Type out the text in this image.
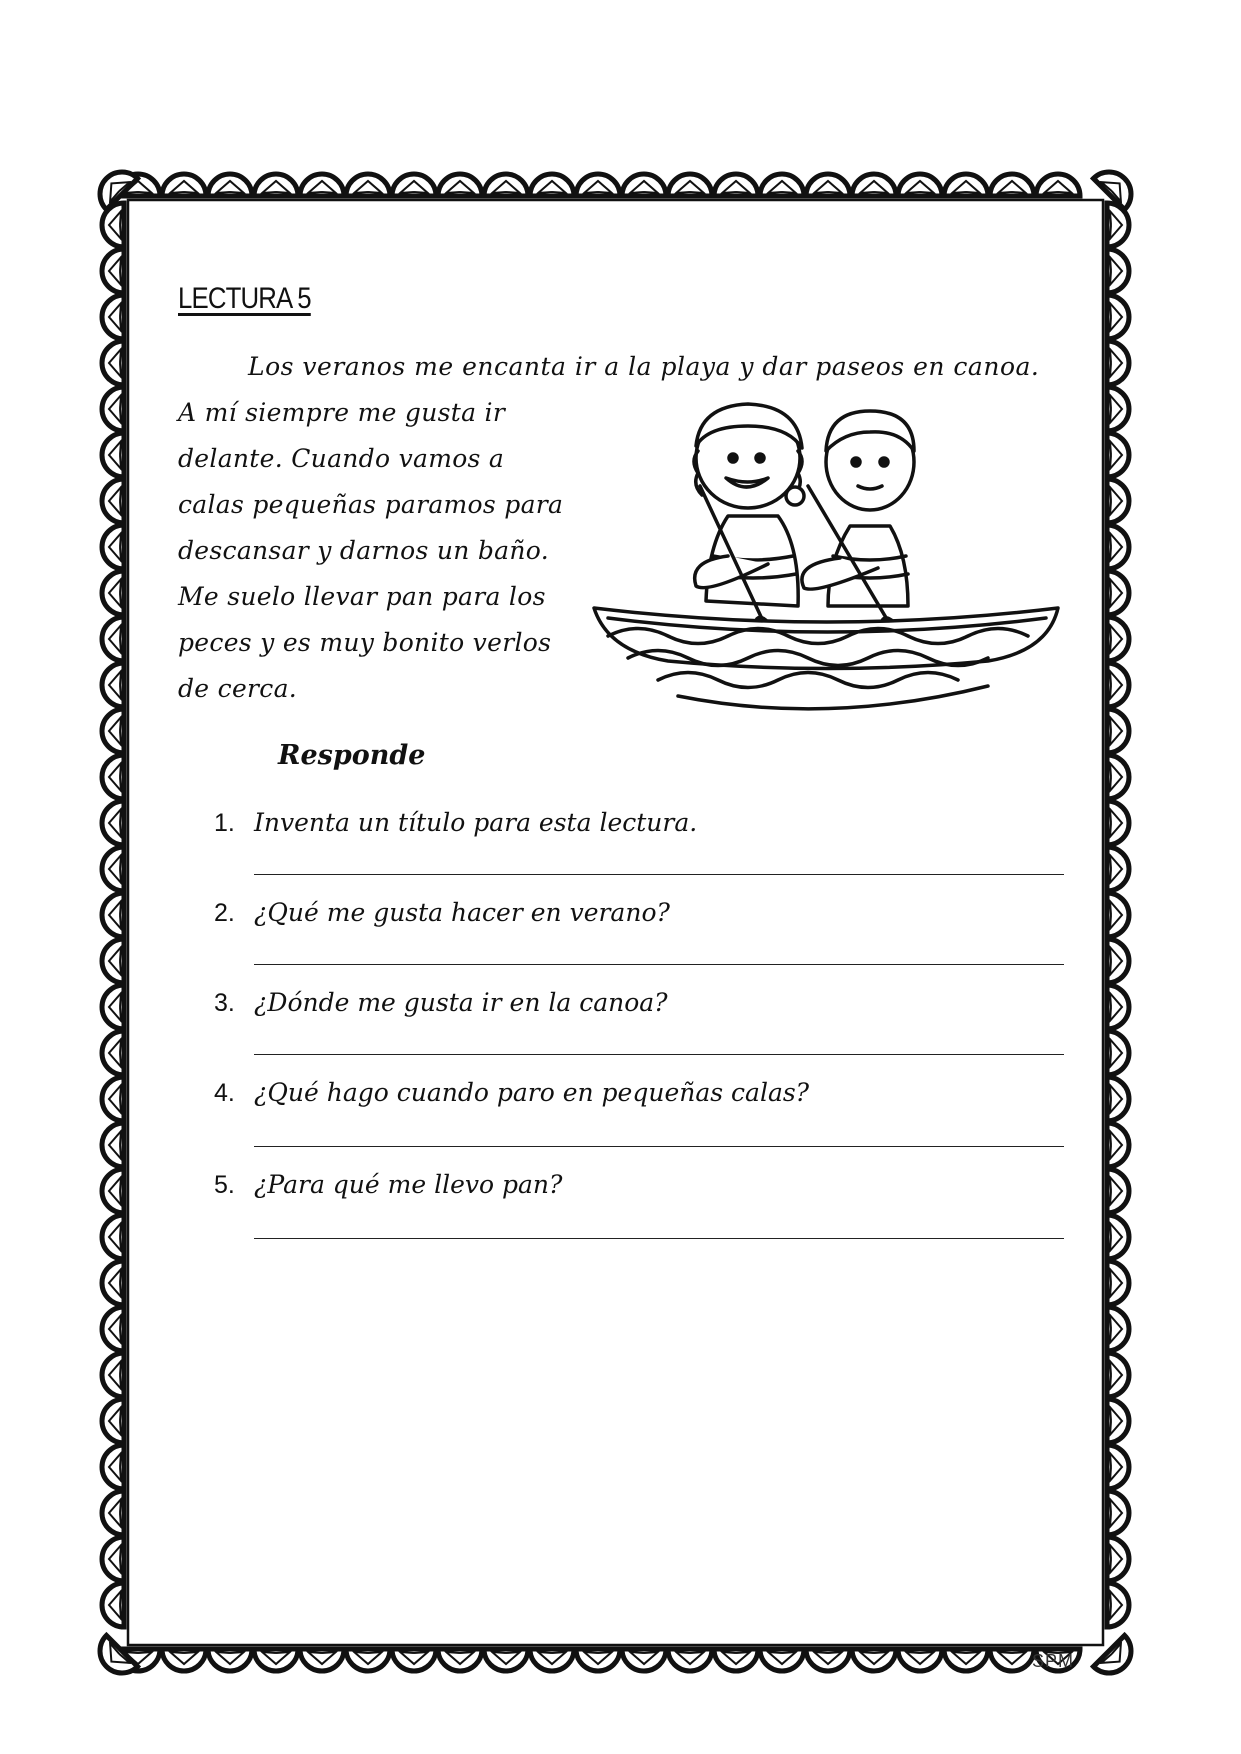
LECTURA 5
Los veranos me encanta ir a la playa y dar paseos en canoa.
A mí siempre me gusta ir
delante. Cuando vamos a
calas pequeñas paramos para
descansar y darnos un baño.
Me suelo llevar pan para los
peces y es muy bonito verlos
de cerca.
Responde
1. Inventa un título para esta lectura.
2. ¿Qué me gusta hacer en verano?
3. ¿Dónde me gusta ir en la canoa?
4. ¿Qué hago cuando paro en pequeñas calas?
5. ¿Para qué me llevo pan?
SPM
